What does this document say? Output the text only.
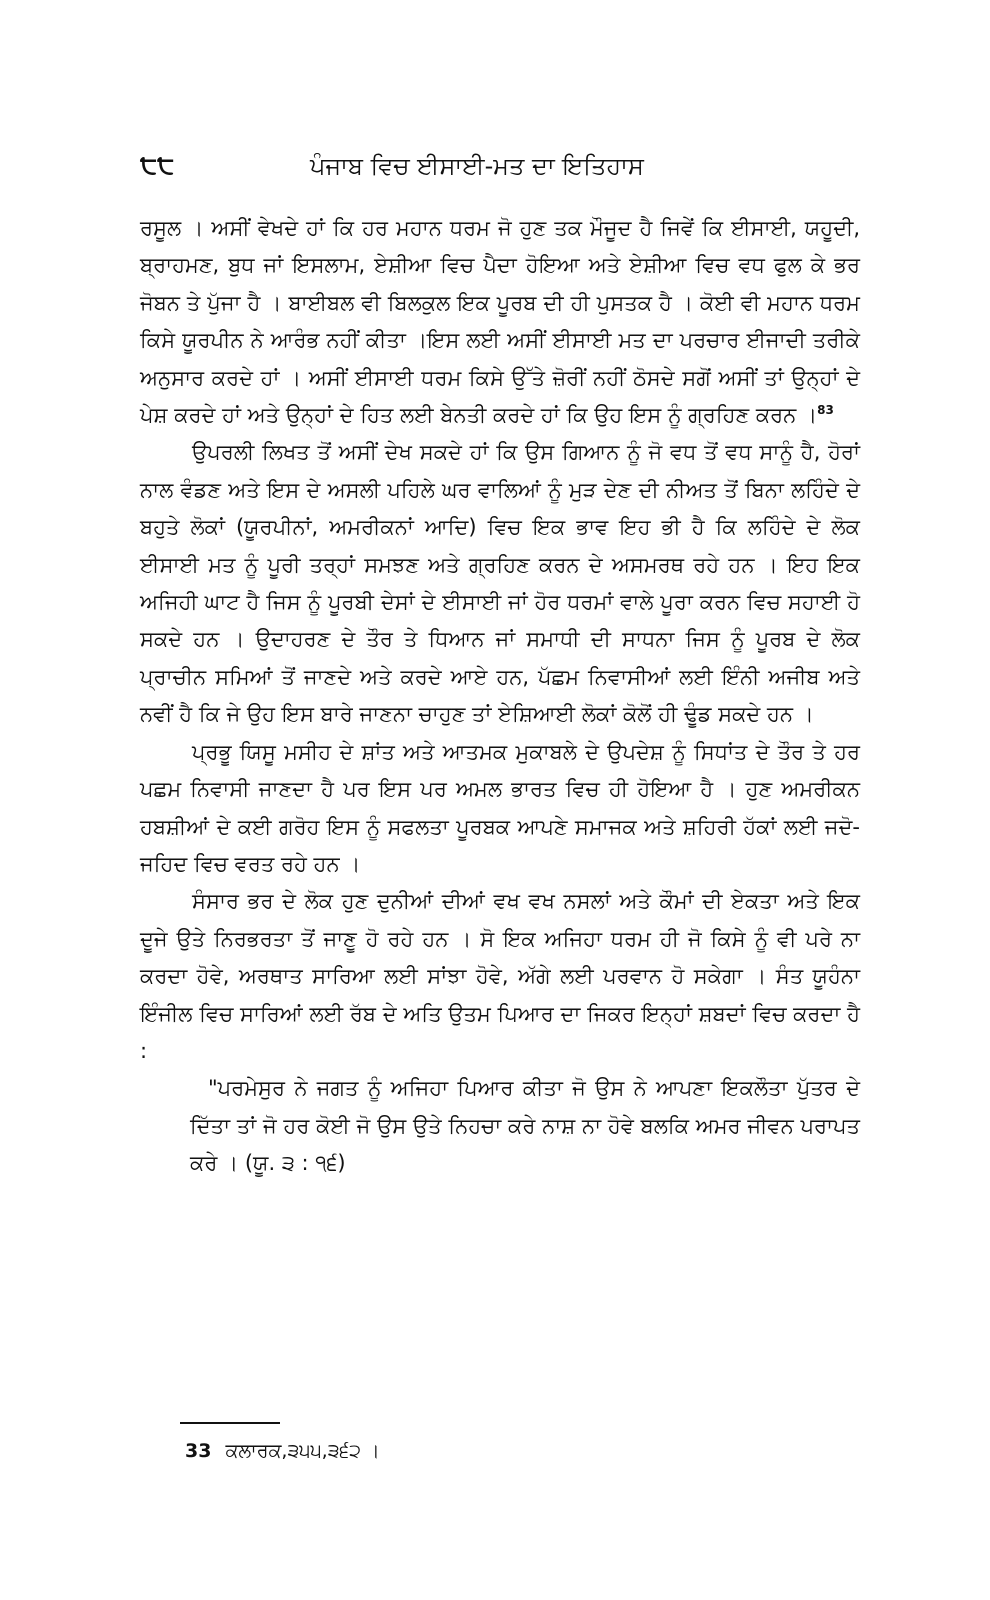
੮੮	ਪੰਜਾਬ ਵਿਚ ਈਸਾਈ-ਮਤ ਦਾ ਇਤਿਹਾਸ

ਰਸੂਲ । ਅਸੀਂ ਵੇਖਦੇ ਹਾਂ ਕਿ ਹਰ ਮਹਾਨ ਧਰਮ ਜੋ ਹੁਣ ਤਕ ਮੌਜੂਦ ਹੈ ਜਿਵੇਂ ਕਿ ਈਸਾਈ, ਯਹੂਦੀ, ਬ੍ਰਾਹਮਣ, ਬੁਧ ਜਾਂ ਇਸਲਾਮ, ਏਸ਼ੀਆ ਵਿਚ ਪੈਦਾ ਹੋਇਆ ਅਤੇ ਏਸ਼ੀਆ ਵਿਚ ਵਧ ਫੁਲ ਕੇ ਭਰ ਜੋਬਨ ਤੇ ਪੁੱਜਾ ਹੈ । ਬਾਈਬਲ ਵੀ ਬਿਲਕੁਲ ਇਕ ਪੂਰਬ ਦੀ ਹੀ ਪੁਸਤਕ ਹੈ । ਕੋਈ ਵੀ ਮਹਾਨ ਧਰਮ ਕਿਸੇ ਯੂਰਪੀਨ ਨੇ ਆਰੰਭ ਨਹੀਂ ਕੀਤਾ ।ਇਸ ਲਈ ਅਸੀਂ ਈਸਾਈ ਮਤ ਦਾ ਪਰਚਾਰ ਈਜਾਦੀ ਤਰੀਕੇ ਅਨੁਸਾਰ ਕਰਦੇ ਹਾਂ । ਅਸੀਂ ਈਸਾਈ ਧਰਮ ਕਿਸੇ ਉੱਤੇ ਜ਼ੋਰੀਂ ਨਹੀਂ ਠੋਸਦੇ ਸਗੋਂ ਅਸੀਂ ਤਾਂ ਉਨ੍ਹਾਂ ਦੇ ਪੇਸ਼ ਕਰਦੇ ਹਾਂ ਅਤੇ ਉਨ੍ਹਾਂ ਦੇ ਹਿਤ ਲਈ ਬੇਨਤੀ ਕਰਦੇ ਹਾਂ ਕਿ ਉਹ ਇਸ ਨੂੰ ਗ੍ਰਹਿਣ ਕਰਨ ।$^{83}$

ਉਪਰਲੀ ਲਿਖਤ ਤੋਂ ਅਸੀਂ ਦੇਖ ਸਕਦੇ ਹਾਂ ਕਿ ਉਸ ਗਿਆਨ ਨੂੰ ਜੋ ਵਧ ਤੋਂ ਵਧ ਸਾਨੂੰ ਹੈ, ਹੋਰਾਂ ਨਾਲ ਵੰਡਣ ਅਤੇ ਇਸ ਦੇ ਅਸਲੀ ਪਹਿਲੇ ਘਰ ਵਾਲਿਆਂ ਨੂੰ ਮੁੜ ਦੇਣ ਦੀ ਨੀਅਤ ਤੋਂ ਬਿਨਾ ਲਹਿੰਦੇ ਦੇ ਬਹੁਤੇ ਲੋਕਾਂ (ਯੂਰਪੀਨਾਂ, ਅਮਰੀਕਨਾਂ ਆਦਿ) ਵਿਚ ਇਕ ਭਾਵ ਇਹ ਭੀ ਹੈ ਕਿ ਲਹਿੰਦੇ ਦੇ ਲੋਕ ਈਸਾਈ ਮਤ ਨੂੰ ਪੂਰੀ ਤਰ੍ਹਾਂ ਸਮਝਣ ਅਤੇ ਗ੍ਰਹਿਣ ਕਰਨ ਦੇ ਅਸਮਰਥ ਰਹੇ ਹਨ । ਇਹ ਇਕ ਅਜਿਹੀ ਘਾਟ ਹੈ ਜਿਸ ਨੂੰ ਪੂਰਬੀ ਦੇਸਾਂ ਦੇ ਈਸਾਈ ਜਾਂ ਹੋਰ ਧਰਮਾਂ ਵਾਲੇ ਪੂਰਾ ਕਰਨ ਵਿਚ ਸਹਾਈ ਹੋ ਸਕਦੇ ਹਨ । ਉਦਾਹਰਣ ਦੇ ਤੌਰ ਤੇ ਧਿਆਨ ਜਾਂ ਸਮਾਧੀ ਦੀ ਸਾਧਨਾ ਜਿਸ ਨੂੰ ਪੂਰਬ ਦੇ ਲੋਕ ਪ੍ਰਾਚੀਨ ਸਮਿਆਂ ਤੋਂ ਜਾਣਦੇ ਅਤੇ ਕਰਦੇ ਆਏ ਹਨ, ਪੱਛਮ ਨਿਵਾਸੀਆਂ ਲਈ ਇੰਨੀ ਅਜੀਬ ਅਤੇ ਨਵੀਂ ਹੈ ਕਿ ਜੇ ਉਹ ਇਸ ਬਾਰੇ ਜਾਣਨਾ ਚਾਹੁਣ ਤਾਂ ਏਸ਼ਿਆਈ ਲੋਕਾਂ ਕੋਲੋਂ ਹੀ ਢੂੰਡ ਸਕਦੇ ਹਨ ।

ਪ੍ਰਭੂ ਯਿਸੂ ਮਸੀਹ ਦੇ ਸ਼ਾਂਤ ਅਤੇ ਆਤਮਕ ਮੁਕਾਬਲੇ ਦੇ ਉਪਦੇਸ਼ ਨੂੰ ਸਿਧਾਂਤ ਦੇ ਤੌਰ ਤੇ ਹਰ ਪਛਮ ਨਿਵਾਸੀ ਜਾਣਦਾ ਹੈ ਪਰ ਇਸ ਪਰ ਅਮਲ ਭਾਰਤ ਵਿਚ ਹੀ ਹੋਇਆ ਹੈ । ਹੁਣ ਅਮਰੀਕਨ ਹਬਸ਼ੀਆਂ ਦੇ ਕਈ ਗਰੋਹ ਇਸ ਨੂੰ ਸਫਲਤਾ ਪੂਰਬਕ ਆਪਣੇ ਸਮਾਜਕ ਅਤੇ ਸ਼ਹਿਰੀ ਹੱਕਾਂ ਲਈ ਜਦੋ-ਜਹਿਦ ਵਿਚ ਵਰਤ ਰਹੇ ਹਨ ।

ਸੰਸਾਰ ਭਰ ਦੇ ਲੋਕ ਹੁਣ ਦੁਨੀਆਂ ਦੀਆਂ ਵਖ ਵਖ ਨਸਲਾਂ ਅਤੇ ਕੌਮਾਂ ਦੀ ਏਕਤਾ ਅਤੇ ਇਕ ਦੂਜੇ ਉਤੇ ਨਿਰਭਰਤਾ ਤੋਂ ਜਾਣੂ ਹੋ ਰਹੇ ਹਨ । ਸੋ ਇਕ ਅਜਿਹਾ ਧਰਮ ਹੀ ਜੋ ਕਿਸੇ ਨੂੰ ਵੀ ਪਰੇ ਨਾ ਕਰਦਾ ਹੋਵੇ, ਅਰਥਾਤ ਸਾਰਿਆ ਲਈ ਸਾਂਝਾ ਹੋਵੇ, ਅੱਗੇ ਲਈ ਪਰਵਾਨ ਹੋ ਸਕੇਗਾ । ਸੰਤ ਯੂਹੰਨਾ ਇੰਜੀਲ ਵਿਚ ਸਾਰਿਆਂ ਲਈ ਰੱਬ ਦੇ ਅਤਿ ਉਤਮ ਪਿਆਰ ਦਾ ਜਿਕਰ ਇਨ੍ਹਾਂ ਸ਼ਬਦਾਂ ਵਿਚ ਕਰਦਾ ਹੈ :

"ਪਰਮੇਸੁਰ ਨੇ ਜਗਤ ਨੂੰ ਅਜਿਹਾ ਪਿਆਰ ਕੀਤਾ ਜੋ ਉਸ ਨੇ ਆਪਣਾ ਇਕਲੌਤਾ ਪੁੱਤਰ ਦੇ ਦਿੱਤਾ ਤਾਂ ਜੋ ਹਰ ਕੋਈ ਜੋ ਉਸ ਉਤੇ ਨਿਹਚਾ ਕਰੇ ਨਾਸ਼ ਨਾ ਹੋਵੇ ਬਲਕਿ ਅਮਰ ਜੀਵਨ ਪਰਾਪਤ ਕਰੇ । (ਯੂ. ੩ : ੧੬)

33 ਕਲਾਰਕ,੩੫੫,੩੬੨ ।
